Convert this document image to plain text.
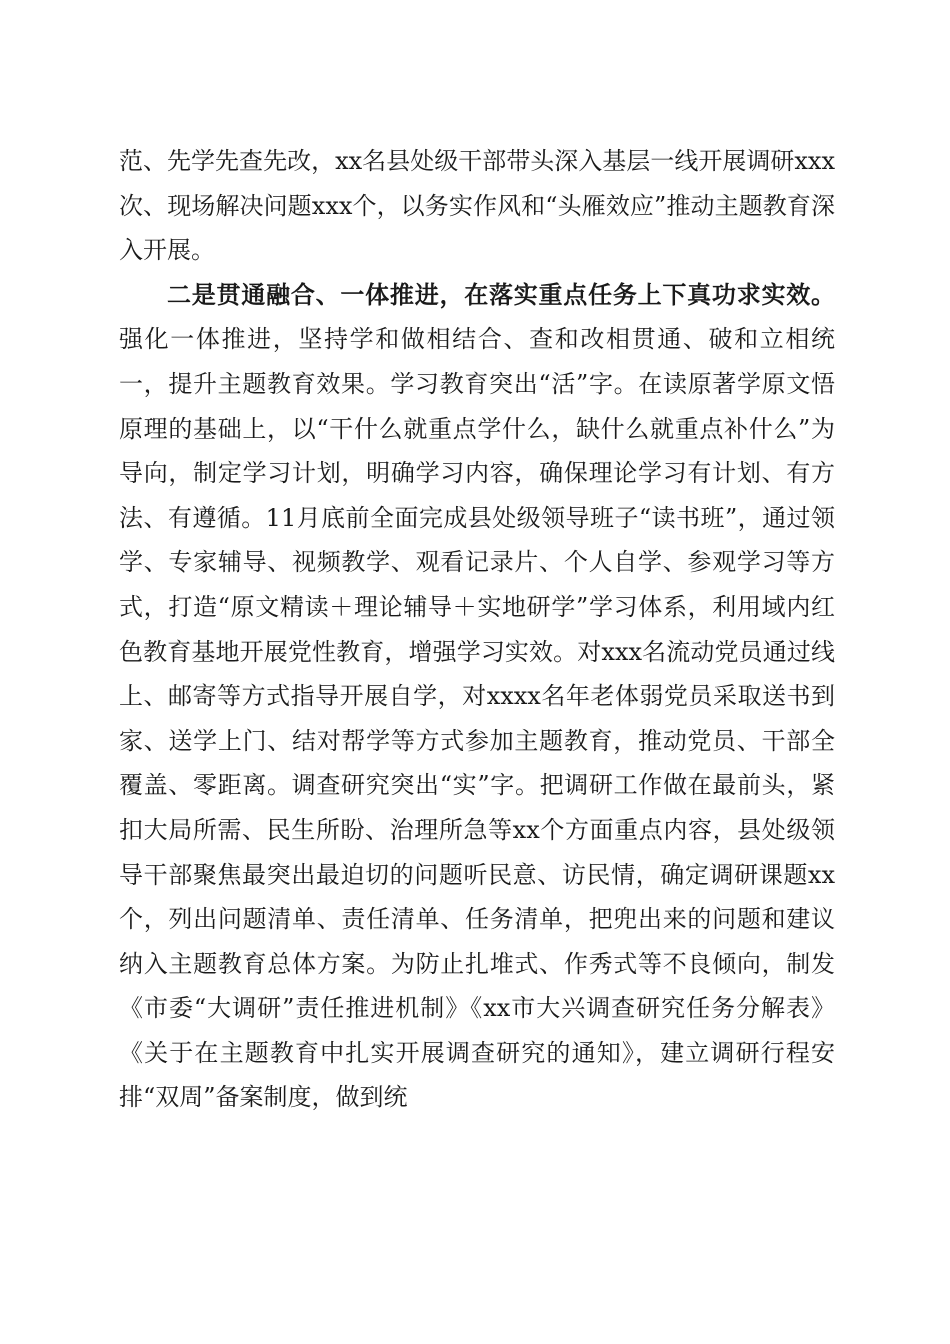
范、先学先查先改，xx名县处级干部带头深入基层一线开展调研xxx次、现场解决问题xxx个，以务实作风和“头雁效应”推动主题教育深入开展。

二是贯通融合、一体推进，在落实重点任务上下真功求实效。强化一体推进，坚持学和做相结合、查和改相贯通、破和立相统一，提升主题教育效果。学习教育突出“活”字。在读原著学原文悟原理的基础上，以“干什么就重点学什么，缺什么就重点补什么”为导向，制定学习计划，明确学习内容，确保理论学习有计划、有方法、有遵循。11月底前全面完成县处级领导班子“读书班”，通过领学、专家辅导、视频教学、观看记录片、个人自学、参观学习等方式，打造“原文精读＋理论辅导＋实地研学”学习体系，利用域内红色教育基地开展党性教育，增强学习实效。对xxx名流动党员通过线上、邮寄等方式指导开展自学，对xxxx名年老体弱党员采取送书到家、送学上门、结对帮学等方式参加主题教育，推动党员、干部全覆盖、零距离。调查研究突出“实”字。把调研工作做在最前头，紧扣大局所需、民生所盼、治理所急等xx个方面重点内容，县处级领导干部聚焦最突出最迫切的问题听民意、访民情，确定调研课题xx个，列出问题清单、责任清单、任务清单，把兜出来的问题和建议纳入主题教育总体方案。为防止扎堆式、作秀式等不良倾向，制发《市委“大调研”责任推进机制》《xx市大兴调查研究任务分解表》《关于在主题教育中扎实开展调查研究的通知》，建立调研行程安排“双周”备案制度，做到统
